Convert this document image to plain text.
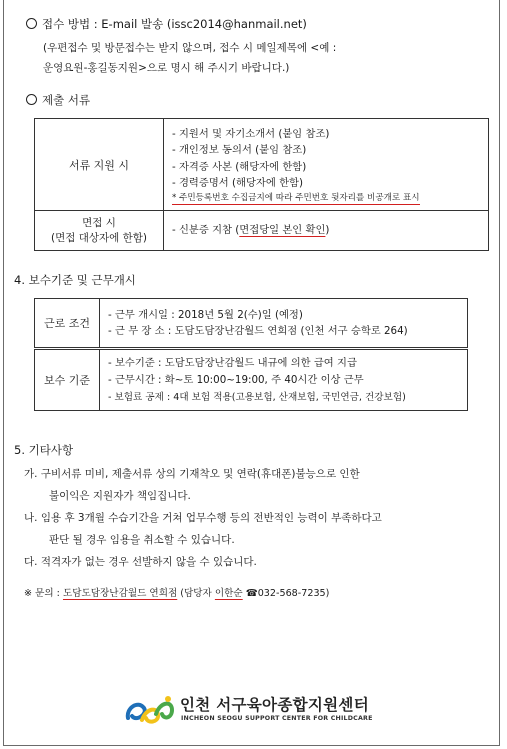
접수 방법 : E-mail 발송 (issc2014@hanmail.net)
(우편접수 및 방문접수는 받지 않으며, 접수 시 메일제목에 <예 :
운영요원-홍길동지원>으로 명시 해 주시기 바랍니다.)
제출 서류
서류 지원 시	- 지원서 및 자기소개서 (붙임 참조)
- 개인정보 동의서 (붙임 참조)
- 자격증 사본 (해당자에 한함)
- 경력증명서 (해당자에 한함)
* 주민등록번호 수집금지에 따라 주민번호 뒷자리를 비공개로 표시

면접 시
(면접 대상자에 한함)	- 신분증 지참 (면접당일 본인 확인)
4. 보수기준 및 근무개시
근로 조건	- 근무 개시일 : 2018년 5월 2(수)일 (예정)
- 근 무 장 소 : 도담도담장난감월드 연희점 (인천 서구 승학로 264)

보수 기준	- 보수기준 : 도담도담장난감월드 내규에 의한 급여 지급
- 근무시간 : 화~토 10:00~19:00, 주 40시간 이상 근무
- 보험료 공제 : 4대 보험 적용(고용보험, 산재보험, 국민연금, 건강보험)
5. 기타사항
가. 구비서류 미비, 제출서류 상의 기재착오 및 연락(휴대폰)불능으로 인한
불이익은 지원자가 책임집니다.
나. 임용 후 3개월 수습기간을 거쳐 업무수행 등의 전반적인 능력이 부족하다고
판단 될 경우 임용을 취소할 수 있습니다.
다. 적격자가 없는 경우 선발하지 않을 수 있습니다.
※ 문의 : 도담도담장난감월드 연희점 (담당자 이한순 ☎032-568-7235)
인천 서구육아종합지원센터
INCHEON SEOGU SUPPORT CENTER FOR CHILDCARE
